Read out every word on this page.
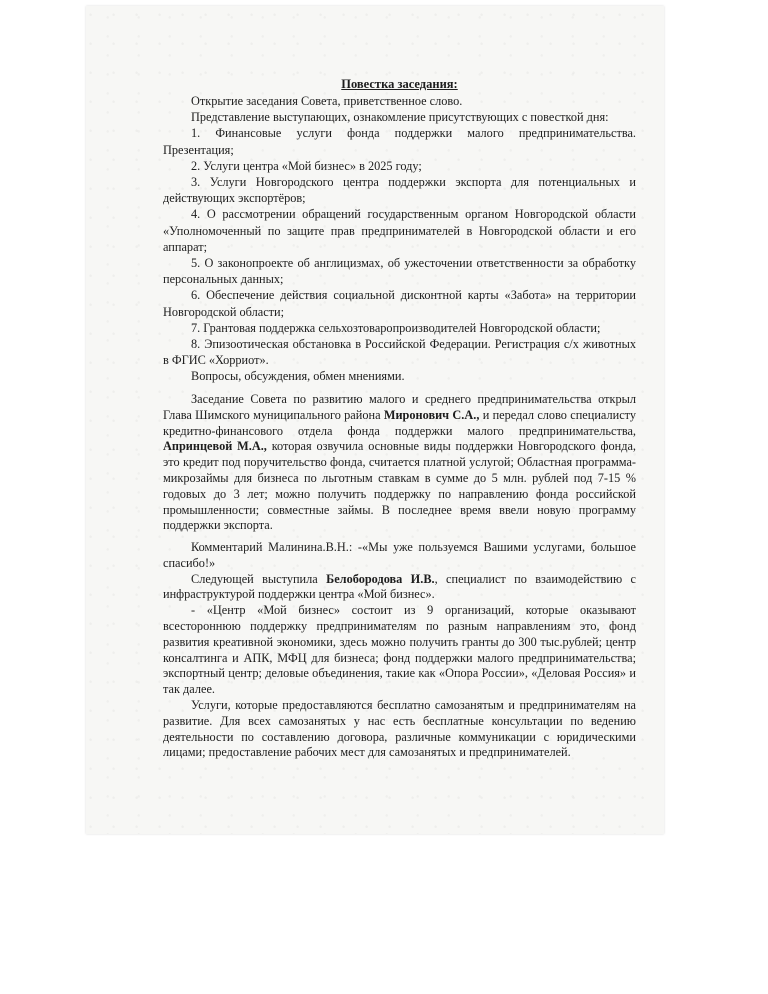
Повестка заседания:

Открытие заседания Совета, приветственное слово.

Представление выступающих, ознакомление присутствующих с повесткой дня:

1. Финансовые услуги фонда поддержки малого предпринимательства. Презентация;

2. Услуги центра «Мой бизнес» в 2025 году;

3. Услуги Новгородского центра поддержки экспорта для потенциальных и действующих экспортёров;

4. О рассмотрении обращений государственным органом Новгородской области «Уполномоченный по защите прав предпринимателей в Новгородской области и его аппарат;

5. О законопроекте об англицизмах, об ужесточении ответственности за обработку персональных данных;

6. Обеспечение действия социальной дисконтной карты «Забота» на территории Новгородской области;

7. Грантовая поддержка сельхозтоваропроизводителей Новгородской области;

8. Эпизоотическая обстановка в Российской Федерации. Регистрация с/х животных в ФГИС «Хорриот».

Вопросы, обсуждения, обмен мнениями.

Заседание Совета по развитию малого и среднего предпринимательства открыл Глава Шимского муниципального района Миронович С.А., и передал слово специалисту кредитно-финансового отдела фонда поддержки малого предпринимательства, Апринцевой М.А., которая озвучила основные виды поддержки Новгородского фонда, это кредит под поручительство фонда, считается платной услугой; Областная программа- микрозаймы для бизнеса по льготным ставкам в сумме до 5 млн. рублей под 7-15 % годовых до 3 лет; можно получить поддержку по направлению фонда российской промышленности; совместные займы. В последнее время ввели новую программу поддержки экспорта.

Комментарий Малинина.В.Н.: -«Мы уже пользуемся Вашими услугами, большое спасибо!»

Следующей выступила Белобородова И.В., специалист по взаимодействию с инфраструктурой поддержки центра «Мой бизнес».

- «Центр «Мой бизнес» состоит из 9 организаций, которые оказывают всестороннюю поддержку предпринимателям по разным направлениям это, фонд развития креативной экономики, здесь можно получить гранты до 300 тыс.рублей; центр консалтинга и АПК, МФЦ для бизнеса; фонд поддержки малого предпринимательства; экспортный центр; деловые объединения, такие как «Опора России», «Деловая Россия» и так далее.

Услуги, которые предоставляются бесплатно самозанятым и предпринимателям на развитие. Для всех самозанятых у нас есть бесплатные консультации по ведению деятельности по составлению договора, различные коммуникации с юридическими лицами; предоставление рабочих мест для самозанятых и предпринимателей.
